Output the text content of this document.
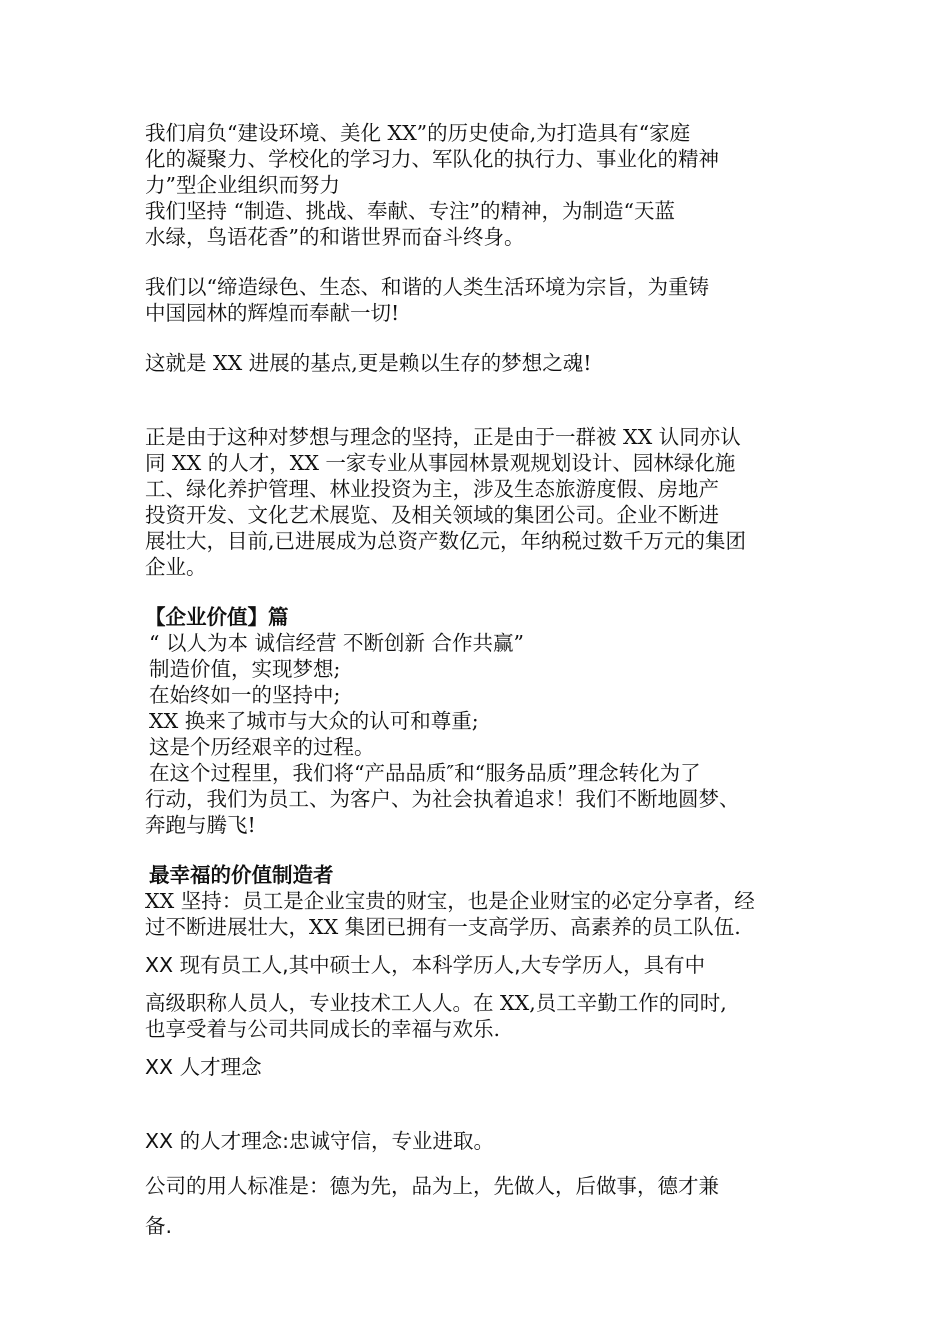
我们肩负“建设环境、美化 XX”的历史使命,为打造具有“家庭

化的凝聚力、学校化的学习力、军队化的执行力、事业化的精神

力”型企业组织而努力

我们坚持 “制造、挑战、奉献、专注”的精神，为制造“天蓝

水绿，鸟语花香”的和谐世界而奋斗终身。

我们以“缔造绿色、生态、和谐的人类生活环境为宗旨，为重铸

中国园林的辉煌而奉献一切!

这就是 XX 进展的基点,更是赖以生存的梦想之魂!

正是由于这种对梦想与理念的坚持，正是由于一群被 XX 认同亦认

同 XX 的人才，XX 一家专业从事园林景观规划设计、园林绿化施

工、绿化养护管理、林业投资为主，涉及生态旅游度假、房地产

投资开发、文化艺术展览、及相关领域的集团公司。企业不断进

展壮大，目前,已进展成为总资产数亿元，年纳税过数千万元的集团

企业。

【企业价值】篇

“ 以人为本 诚信经营 不断创新 合作共赢”

制造价值，实现梦想;

在始终如一的坚持中;

XX 换来了城市与大众的认可和尊重;

这是个历经艰辛的过程。

在这个过程里，我们将“产品品质″和“服务品质”理念转化为了

行动，我们为员工、为客户、为社会执着追求！我们不断地圆梦、

奔跑与腾飞!

最幸福的价值制造者

XX 坚持：员工是企业宝贵的财宝，也是企业财宝的必定分享者，经

过不断进展壮大，XX 集团已拥有一支高学历、高素养的员工队伍.

XX 现有员工人,其中硕士人，本科学历人,大专学历人，具有中

高级职称人员人，专业技术工人人。在 XX,员工辛勤工作的同时,

也享受着与公司共同成长的幸福与欢乐.

XX 人才理念

XX 的人才理念:忠诚守信，专业进取。

公司的用人标准是：德为先，品为上，先做人，后做事，德才兼

备.
